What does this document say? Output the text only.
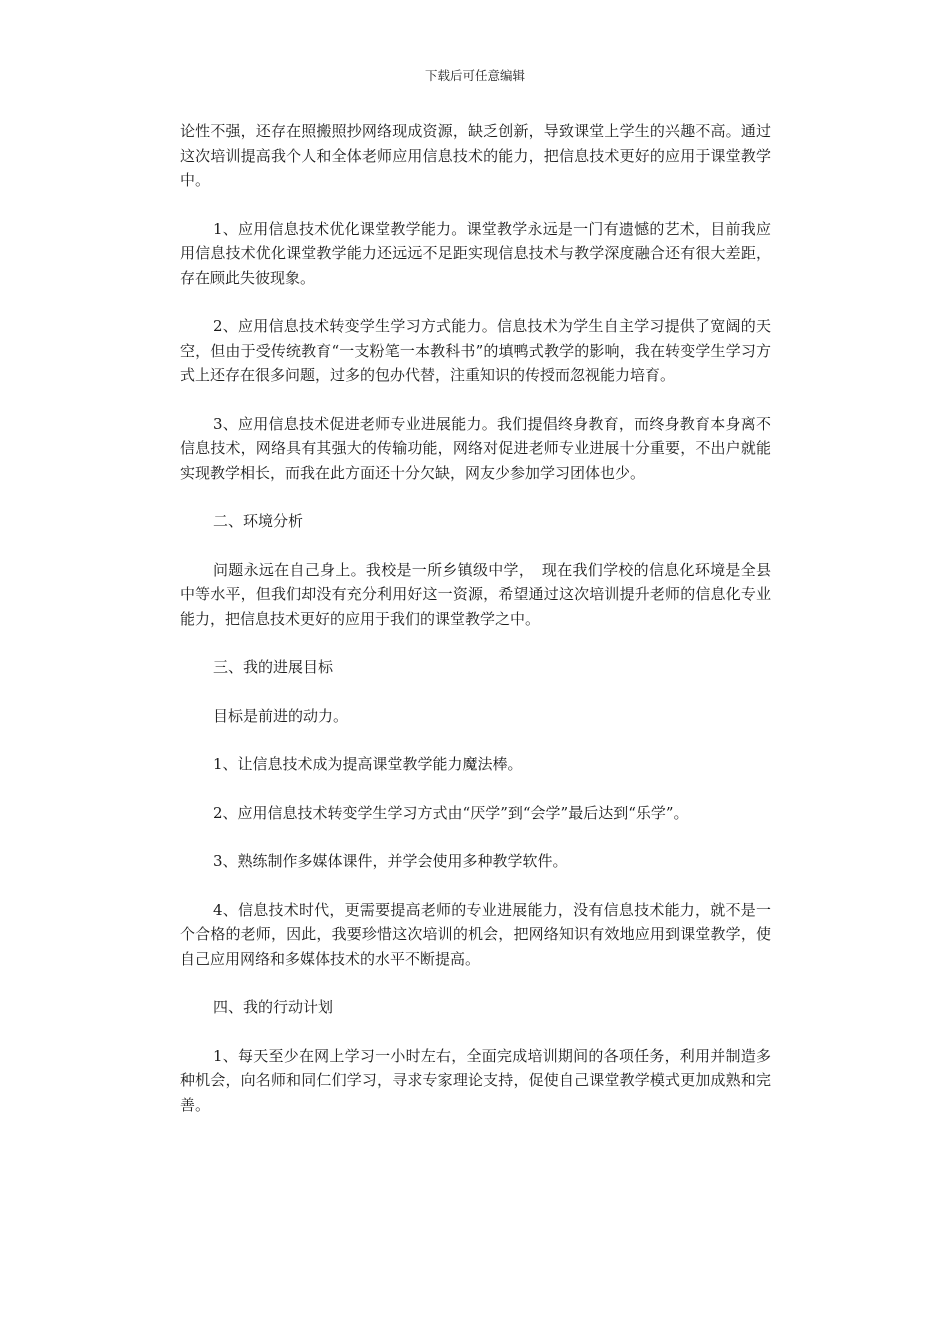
下载后可任意编辑

论性不强，还存在照搬照抄网络现成资源，缺乏创新，导致课堂上学生的兴趣不高。通过这次培训提高我个人和全体老师应用信息技术的能力，把信息技术更好的应用于课堂教学中。

1、应用信息技术优化课堂教学能力。课堂教学永远是一门有遗憾的艺术，目前我应用信息技术优化课堂教学能力还远远不足距实现信息技术与教学深度融合还有很大差距，存在顾此失彼现象。

2、应用信息技术转变学生学习方式能力。信息技术为学生自主学习提供了宽阔的天空，但由于受传统教育“一支粉笔一本教科书”的填鸭式教学的影响，我在转变学生学习方式上还存在很多问题，过多的包办代替，注重知识的传授而忽视能力培育。

3、应用信息技术促进老师专业进展能力。我们提倡终身教育，而终身教育本身离不信息技术，网络具有其强大的传输功能，网络对促进老师专业进展十分重要，不出户就能实现教学相长，而我在此方面还十分欠缺，网友少参加学习团体也少。

二、环境分析

问题永远在自己身上。我校是一所乡镇级中学，　现在我们学校的信息化环境是全县中等水平，但我们却没有充分利用好这一资源，希望通过这次培训提升老师的信息化专业能力，把信息技术更好的应用于我们的课堂教学之中。

三、我的进展目标

目标是前进的动力。

1、让信息技术成为提高课堂教学能力魔法棒。

2、应用信息技术转变学生学习方式由“厌学”到“会学”最后达到“乐学”。

3、熟练制作多媒体课件，并学会使用多种教学软件。

4、信息技术时代，更需要提高老师的专业进展能力，没有信息技术能力，就不是一个合格的老师，因此，我要珍惜这次培训的机会，把网络知识有效地应用到课堂教学，使自己应用网络和多媒体技术的水平不断提高。

四、我的行动计划

1、每天至少在网上学习一小时左右，全面完成培训期间的各项任务，利用并制造多种机会，向名师和同仁们学习，寻求专家理论支持，促使自己课堂教学模式更加成熟和完善。
